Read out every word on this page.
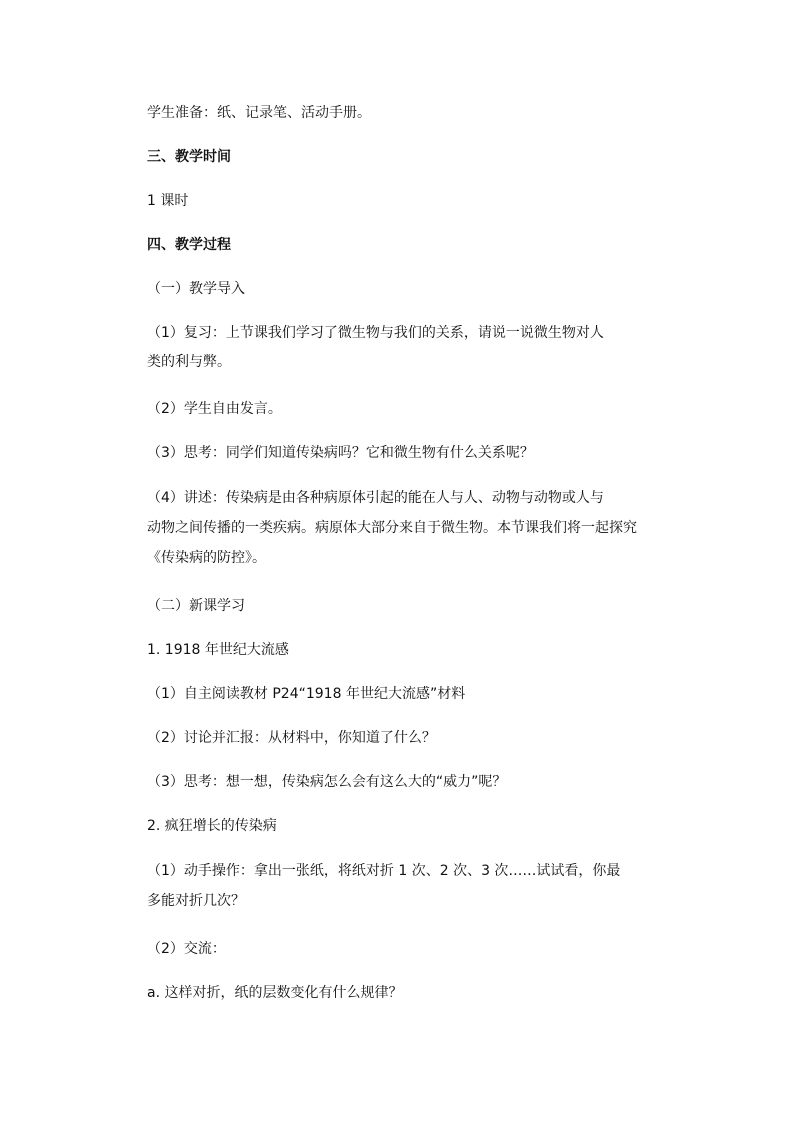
学生准备：纸、记录笔、活动手册。
三、教学时间
1 课时
四、教学过程
（一）教学导入
（1）复习：上节课我们学习了微生物与我们的关系，请说一说微生物对人
类的利与弊。
（2）学生自由发言。
（3）思考：同学们知道传染病吗？它和微生物有什么关系呢？
（4）讲述：传染病是由各种病原体引起的能在人与人、动物与动物或人与
动物之间传播的一类疾病。病原体大部分来自于微生物。本节课我们将一起探究
《传染病的防控》。
（二）新课学习
1. 1918 年世纪大流感
（1）自主阅读教材 P24“1918 年世纪大流感”材料
（2）讨论并汇报：从材料中，你知道了什么？
（3）思考：想一想，传染病怎么会有这么大的“威力”呢？
2. 疯狂增长的传染病
（1）动手操作：拿出一张纸，将纸对折 1 次、2 次、3 次……试试看，你最
多能对折几次？
（2）交流：
a. 这样对折，纸的层数变化有什么规律？
